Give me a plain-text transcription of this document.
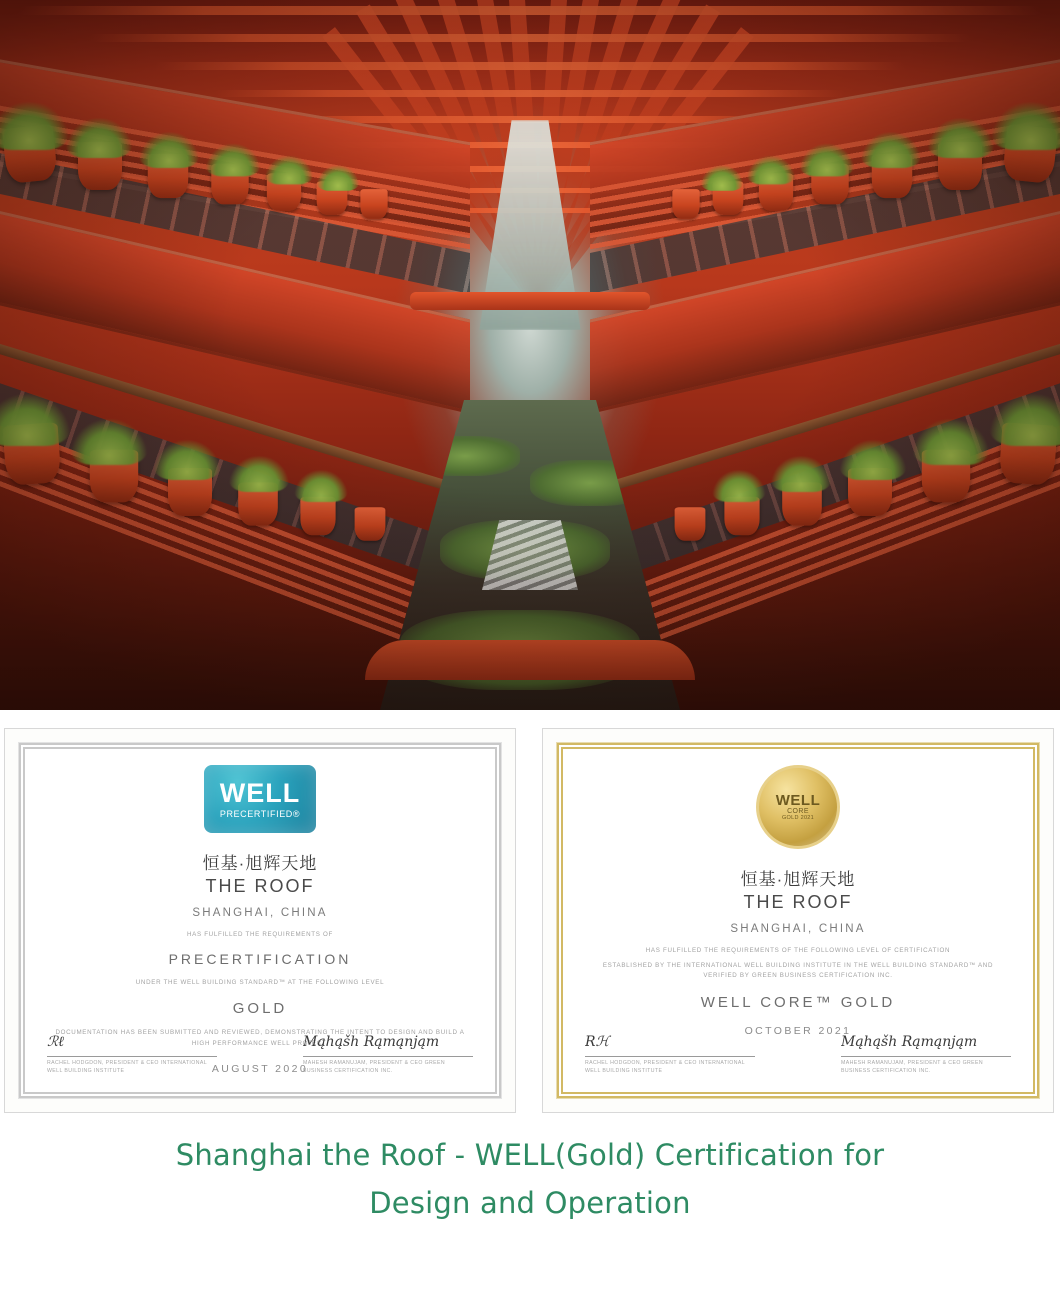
WELL
PRECERTIFIED®
恒基·旭辉天地
THE ROOF
SHANGHAI, CHINA
HAS FULFILLED THE REQUIREMENTS OF
PRECERTIFICATION
UNDER THE WELL BUILDING STANDARD™ AT THE FOLLOWING LEVEL
GOLD
DOCUMENTATION HAS BEEN SUBMITTED AND REVIEWED, DEMONSTRATING THE INTENT TO DESIGN AND BUILD A HIGH PERFORMANCE WELL PROJECT.
AUGUST 2020
ℛℓ
RACHEL HODGDON, PRESIDENT & CEO INTERNATIONAL WELL BUILDING INSTITUTE
Mąhąšh Rąmąnjąm
MAHESH RAMANUJAM, PRESIDENT & CEO GREEN BUSINESS CERTIFICATION INC.
WELL
CORE
GOLD 2021
恒基·旭辉天地
THE ROOF
SHANGHAI, CHINA
HAS FULFILLED THE REQUIREMENTS OF THE FOLLOWING LEVEL OF CERTIFICATION
ESTABLISHED BY THE INTERNATIONAL WELL BUILDING INSTITUTE IN THE WELL BUILDING STANDARD™ AND VERIFIED BY GREEN BUSINESS CERTIFICATION INC.
WELL CORE™ GOLD
OCTOBER 2021
Rℋ
RACHEL HODGDON, PRESIDENT & CEO INTERNATIONAL WELL BUILDING INSTITUTE
Mąhąšh Rąmąnjąm
MAHESH RAMANUJAM, PRESIDENT & CEO GREEN BUSINESS CERTIFICATION INC.
Shanghai the Roof - WELL(Gold) Certification for
Design and Operation
